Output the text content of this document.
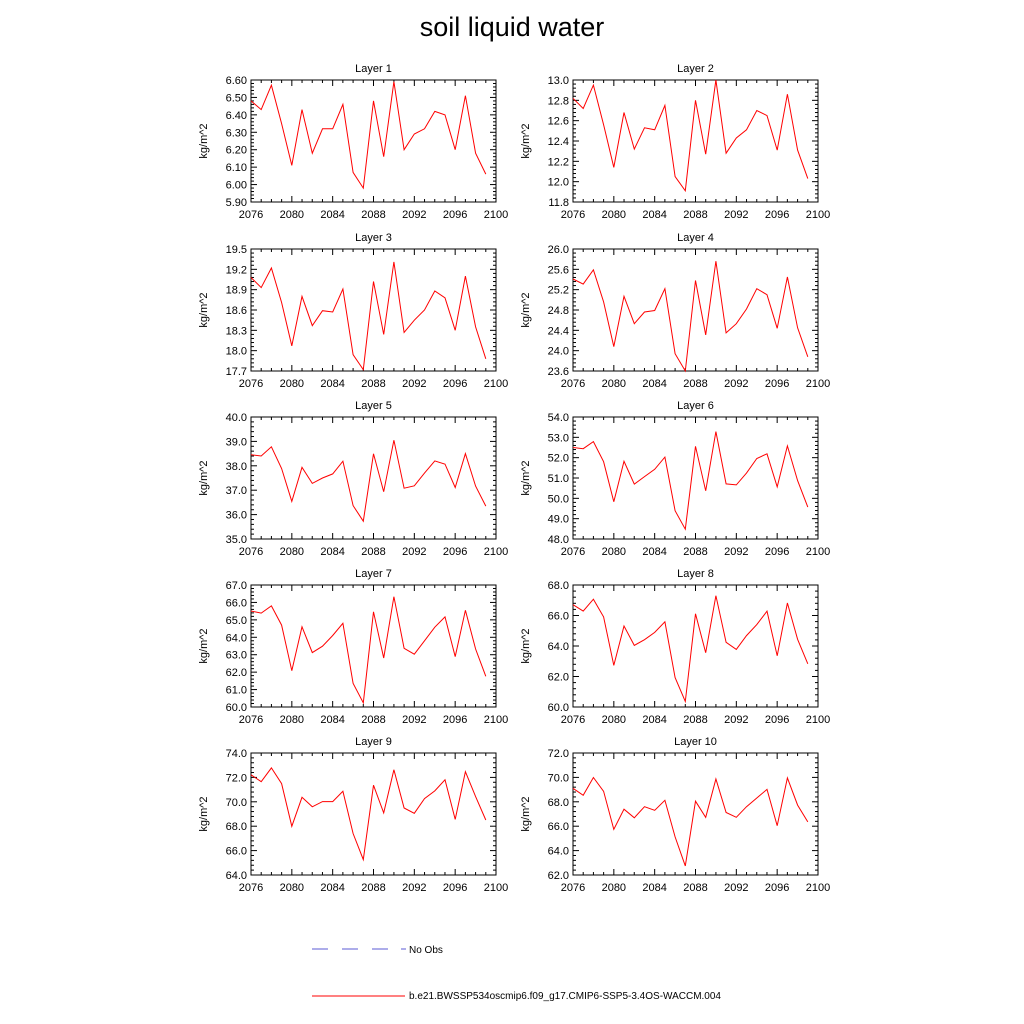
soil liquid water
Layer 1
kg/m^2
2076 2080 2084 2088 2092 2096 2100
5.90
6.00
6.10
6.20
6.30
6.40
6.50
6.60
Layer 2
kg/m^2
2076 2080 2084 2088 2092 2096 2100
11.8
12.0
12.2
12.4
12.6
12.8
13.0
Layer 3
kg/m^2
2076 2080 2084 2088 2092 2096 2100
17.7
18.0
18.3
18.6
18.9
19.2
19.5
Layer 4
kg/m^2
2076 2080 2084 2088 2092 2096 2100
23.6
24.0
24.4
24.8
25.2
25.6
26.0
Layer 5
kg/m^2
2076 2080 2084 2088 2092 2096 2100
35.0
36.0
37.0
38.0
39.0
40.0
Layer 6
kg/m^2
2076 2080 2084 2088 2092 2096 2100
48.0
49.0
50.0
51.0
52.0
53.0
54.0
Layer 7
kg/m^2
2076 2080 2084 2088 2092 2096 2100
60.0
61.0
62.0
63.0
64.0
65.0
66.0
67.0
Layer 8
kg/m^2
2076 2080 2084 2088 2092 2096 2100
60.0
62.0
64.0
66.0
68.0
Layer 9
kg/m^2
2076 2080 2084 2088 2092 2096 2100
64.0
66.0
68.0
70.0
72.0
74.0
Layer 10
kg/m^2
2076 2080 2084 2088 2092 2096 2100
62.0
64.0
66.0
68.0
70.0
72.0
No Obs
b.e21.BWSSP534oscmip6.f09_g17.CMIP6-SSP5-3.4OS-WACCM.004
